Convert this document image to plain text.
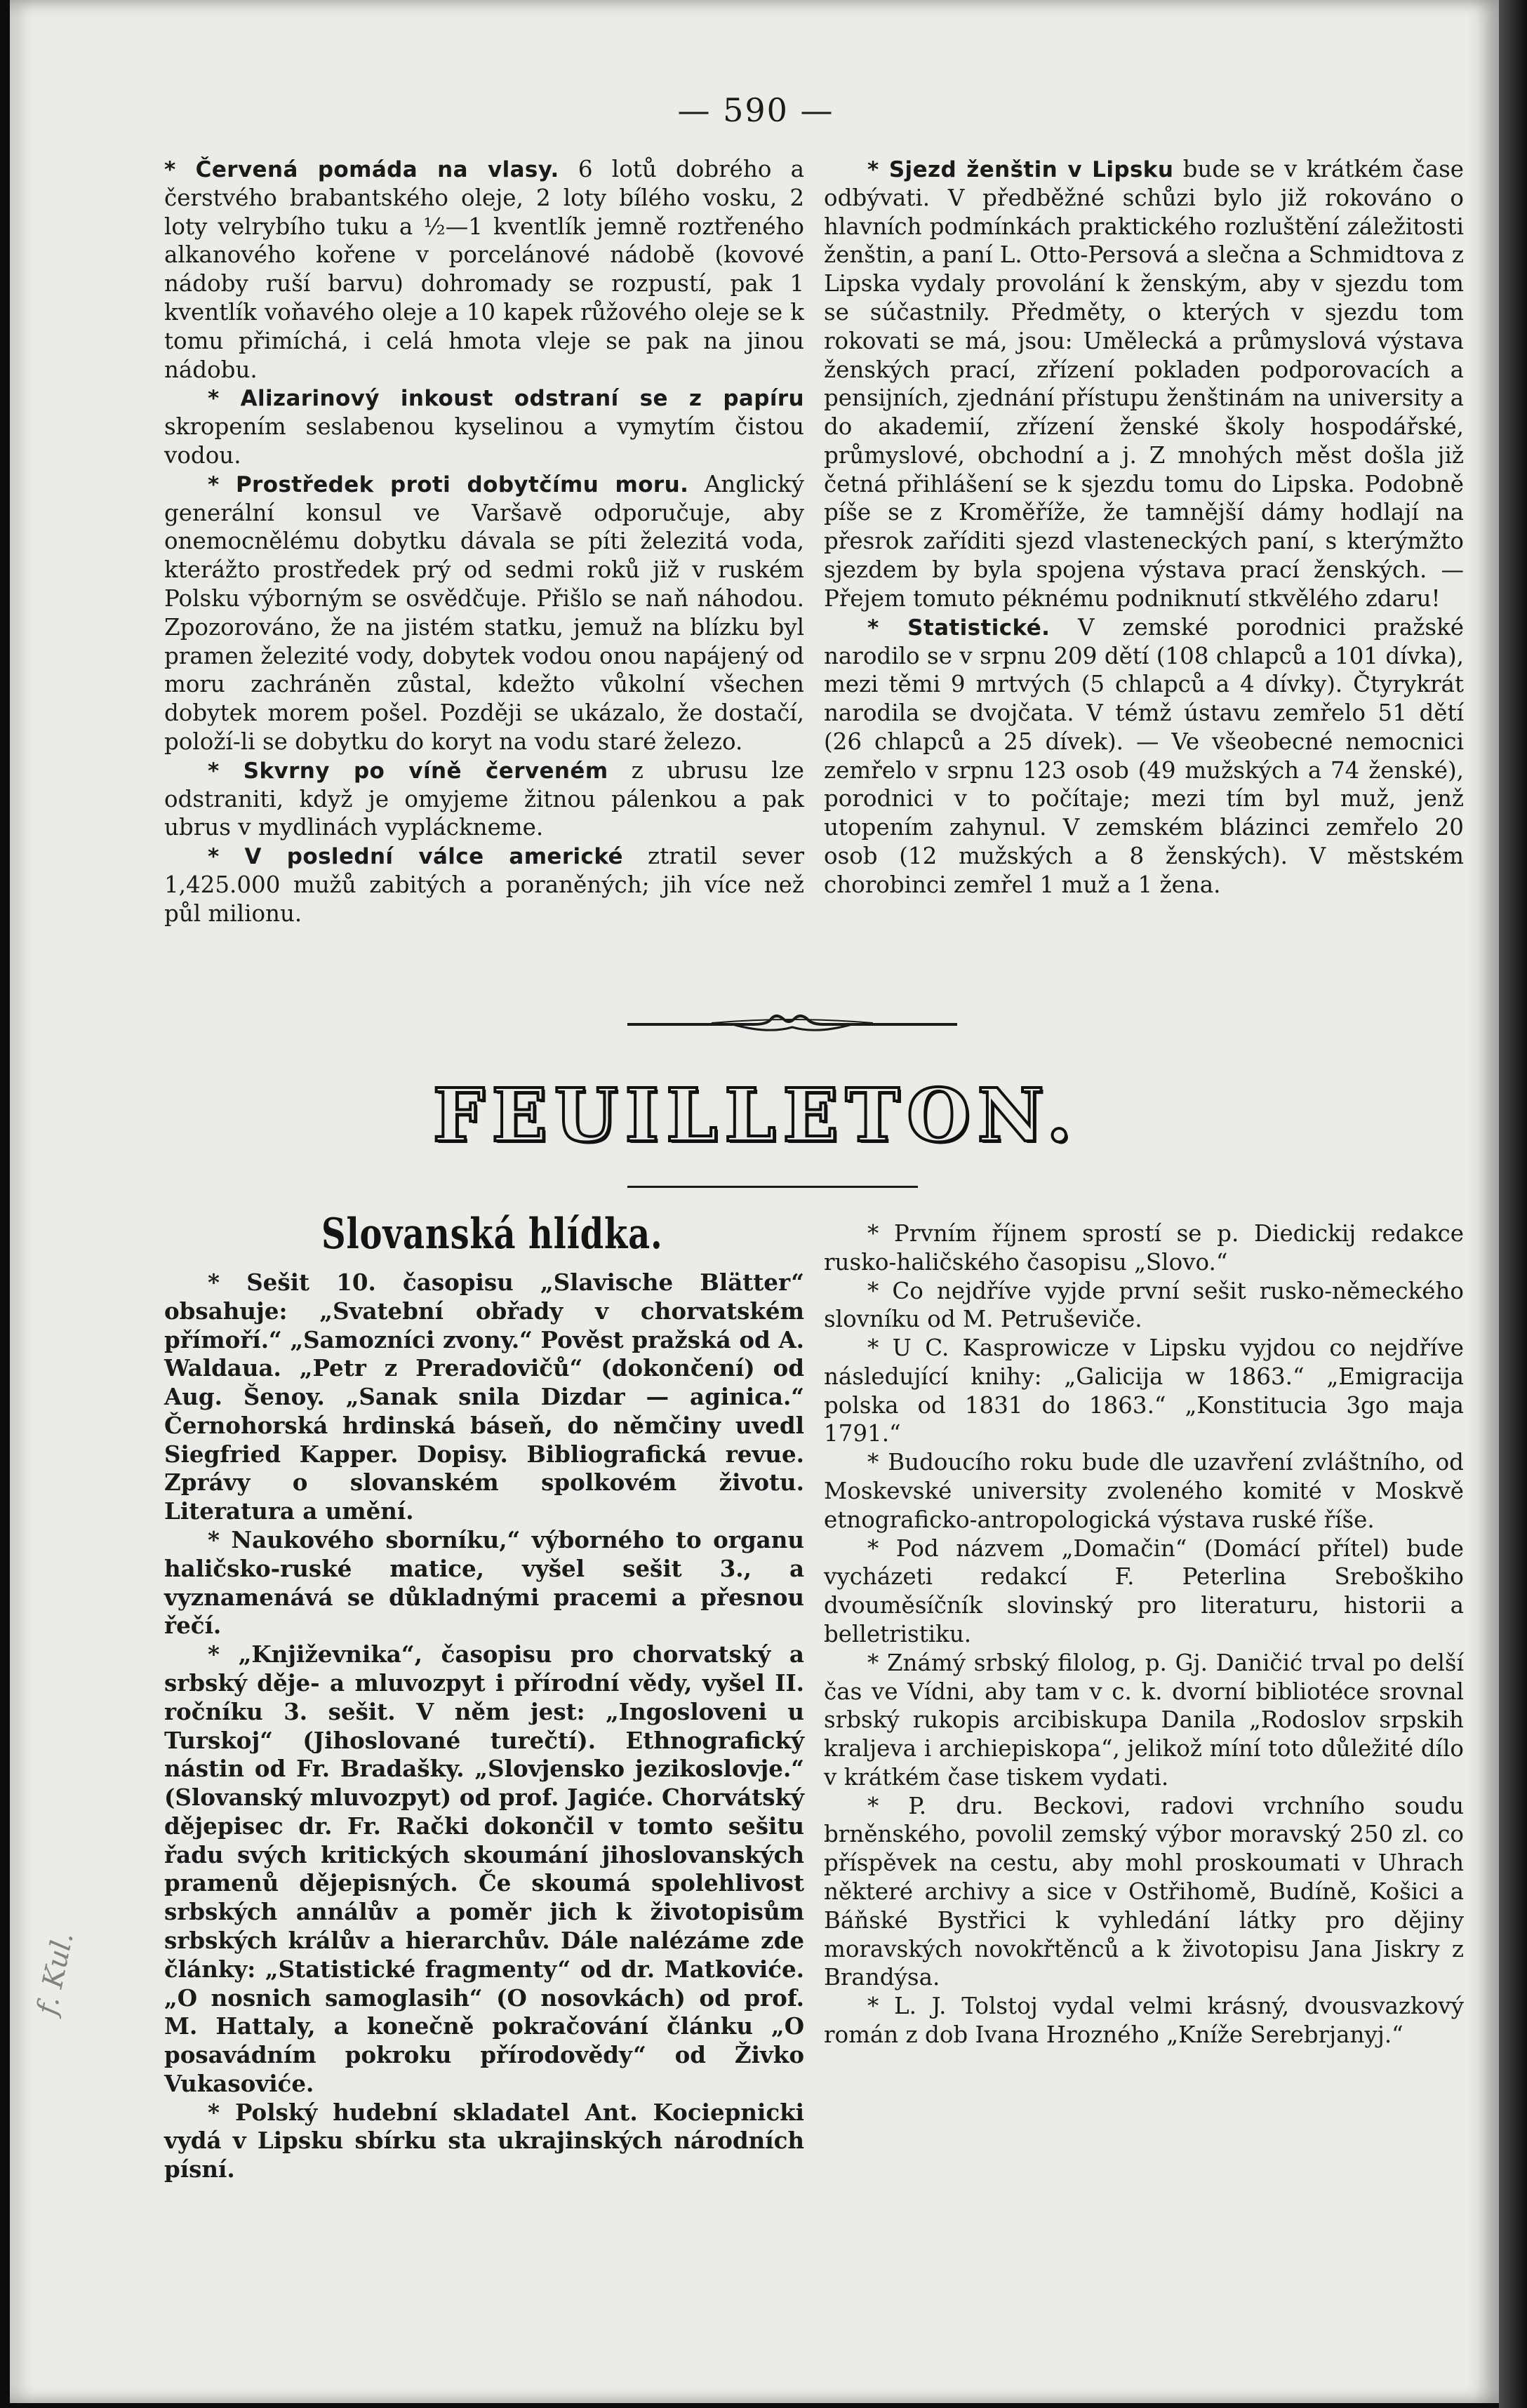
— 590 —

* Červená pomáda na vlasy. 6 lotů dobrého a čerstvého brabantského oleje, 2 loty bílého vosku, 2 loty velrybího tuku a ½—1 kventlík jemně roztřeného alkanového kořene v porcelánové nádobě (kovové nádoby ruší barvu) dohromady se rozpustí, pak 1 kventlík voňavého oleje a 10 kapek růžového oleje se k tomu přimíchá, i celá hmota vleje se pak na jinou nádobu.

* Alizarinový inkoust odstraní se z papíru skropením seslabenou kyselinou a vymytím čistou vodou.

* Prostředek proti dobytčímu moru. Anglický generální konsul ve Varšavě odporučuje, aby onemocnělému dobytku dávala se píti železitá voda, kterážto prostředek prý od sedmi roků již v ruském Polsku výborným se osvědčuje. Přišlo se naň náhodou. Zpozorováno, že na jistém statku, jemuž na blízku byl pramen železité vody, dobytek vodou onou napájený od moru zachráněn zůstal, kdežto vůkolní všechen dobytek morem pošel. Později se ukázalo, že dostačí, položí-li se dobytku do koryt na vodu staré železo.

* Skvrny po víně červeném z ubrusu lze odstraniti, když je omyjeme žitnou pálenkou a pak ubrus v mydlinách vypláckneme.

* V poslední válce americké ztratil sever 1,425.000 mužů zabitých a poraněných; jih více než půl milionu.

* Sjezd ženštin v Lipsku bude se v krátkém čase odbývati. V předběžné schůzi bylo již rokováno o hlavních podmínkách praktického rozluštění záležitosti ženštin, a paní L. Otto-Persová a slečna a Schmidtova z Lipska vydaly provolání k ženským, aby v sjezdu tom se súčastnily. Předměty, o kterých v sjezdu tom rokovati se má, jsou: Umělecká a průmyslová výstava ženských prací, zřízení pokladen podporovacích a pensijních, zjednání přístupu ženštinám na university a do akademií, zřízení ženské školy hospodářské, průmyslové, obchodní a j. Z mnohých měst došla již četná přihlášení se k sjezdu tomu do Lipska. Podobně píše se z Kroměříže, že tamnější dámy hodlají na přesrok zaříditi sjezd vlasteneckých paní, s kterýmžto sjezdem by byla spojena výstava prací ženských. — Přejem tomuto péknému podniknutí stkvělého zdaru!

* Statistické. V zemské porodnici pražské narodilo se v srpnu 209 dětí (108 chlapců a 101 dívka), mezi těmi 9 mrtvých (5 chlapců a 4 dívky). Čtyrykrát narodila se dvojčata. V témž ústavu zemřelo 51 dětí (26 chlapců a 25 dívek). — Ve všeobecné nemocnici zemřelo v srpnu 123 osob (49 mužských a 74 ženské), porodnici v to počítaje; mezi tím byl muž, jenž utopením zahynul. V zemském blázinci zemřelo 20 osob (12 mužských a 8 ženských). V městském chorobinci zemřel 1 muž a 1 žena.

FEUILLETON.
Slovanská hlídka.

* Sešit 10. časopisu „Slavische Blätter“ obsahuje: „Svatební obřady v chorvatském přímoří.“ „Samozníci zvony.“ Pověst pražská od A. Waldaua. „Petr z Preradovičů“ (dokončení) od Aug. Šenoy. „Sanak snila Dizdar — aginica.“ Černohorská hrdinská báseň, do němčiny uvedl Siegfried Kapper. Dopisy. Bibliografická revue. Zprávy o slovanském spolkovém životu. Literatura a umění.

* Naukového sborníku,“ výborného to organu haličsko-ruské matice, vyšel sešit 3., a vyznamenává se důkladnými pracemi a přesnou řečí.

* „Književnika“, časopisu pro chorvatský a srbský děje- a mluvozpyt i přírodní vědy, vyšel II. ročníku 3. sešit. V něm jest: „Ingosloveni u Turskoj“ (Jihoslované turečtí). Ethnografický nástin od Fr. Bradašky. „Slovjensko jezikoslovje.“ (Slovanský mluvozpyt) od prof. Jagiće. Chorvátský dějepisec dr. Fr. Rački dokončil v tomto sešitu řadu svých kritických skoumání jihoslovanských pramenů dějepisných. Če skoumá spolehlivost srbských annálův a poměr jich k životopisům srbských králův a hierarchův. Dále nalézáme zde články: „Statistické fragmenty“ od dr. Matkoviće. „O nosnich samoglasih“ (O nosovkách) od prof. M. Hattaly, a konečně pokračování článku „O posavádním pokroku přírodovědy“ od Živko Vukasoviće.

* Polský hudební skladatel Ant. Kociepnicki vydá v Lipsku sbírku sta ukrajinských národních písní.

* Prvním říjnem sprostí se p. Diedickij redakce rusko-haličského časopisu „Slovo.“

* Co nejdříve vyjde první sešit rusko-německého slovníku od M. Petruševiče.

* U C. Kasprowicze v Lipsku vyjdou co nejdříve následující knihy: „Galicija w 1863.“ „Emigracija polska od 1831 do 1863.“ „Konstitucia 3go maja 1791.“

* Budoucího roku bude dle uzavření zvláštního, od Moskevské university zvoleného komité v Moskvě etnograficko-antropologická výstava ruské říše.

* Pod názvem „Domačin“ (Domácí přítel) bude vycházeti redakcí F. Peterlina Sreboškiho dvouměsíčník slovinský pro literaturu, historii a belletristiku.

* Známý srbský filolog, p. Gj. Daničić trval po delší čas ve Vídni, aby tam v c. k. dvorní bibliotéce srovnal srbský rukopis arcibiskupa Danila „Rodoslov srpskih kraljeva i archiepiskopa“, jelikož míní toto důležité dílo v krátkém čase tiskem vydati.

* P. dru. Beckovi, radovi vrchního soudu brněnského, povolil zemský výbor moravský 250 zl. co příspěvek na cestu, aby mohl proskoumati v Uhrach některé archivy a sice v Ostřihomě, Budíně, Košici a Báňské Bystřici k vyhledání látky pro dějiny moravských novokřtěnců a k životopisu Jana Jiskry z Brandýsa.

* L. J. Tolstoj vydal velmi krásný, dvousvazkový román z dob Ivana Hrozného „Kníže Serebrjanyj.“

f. Kul.
